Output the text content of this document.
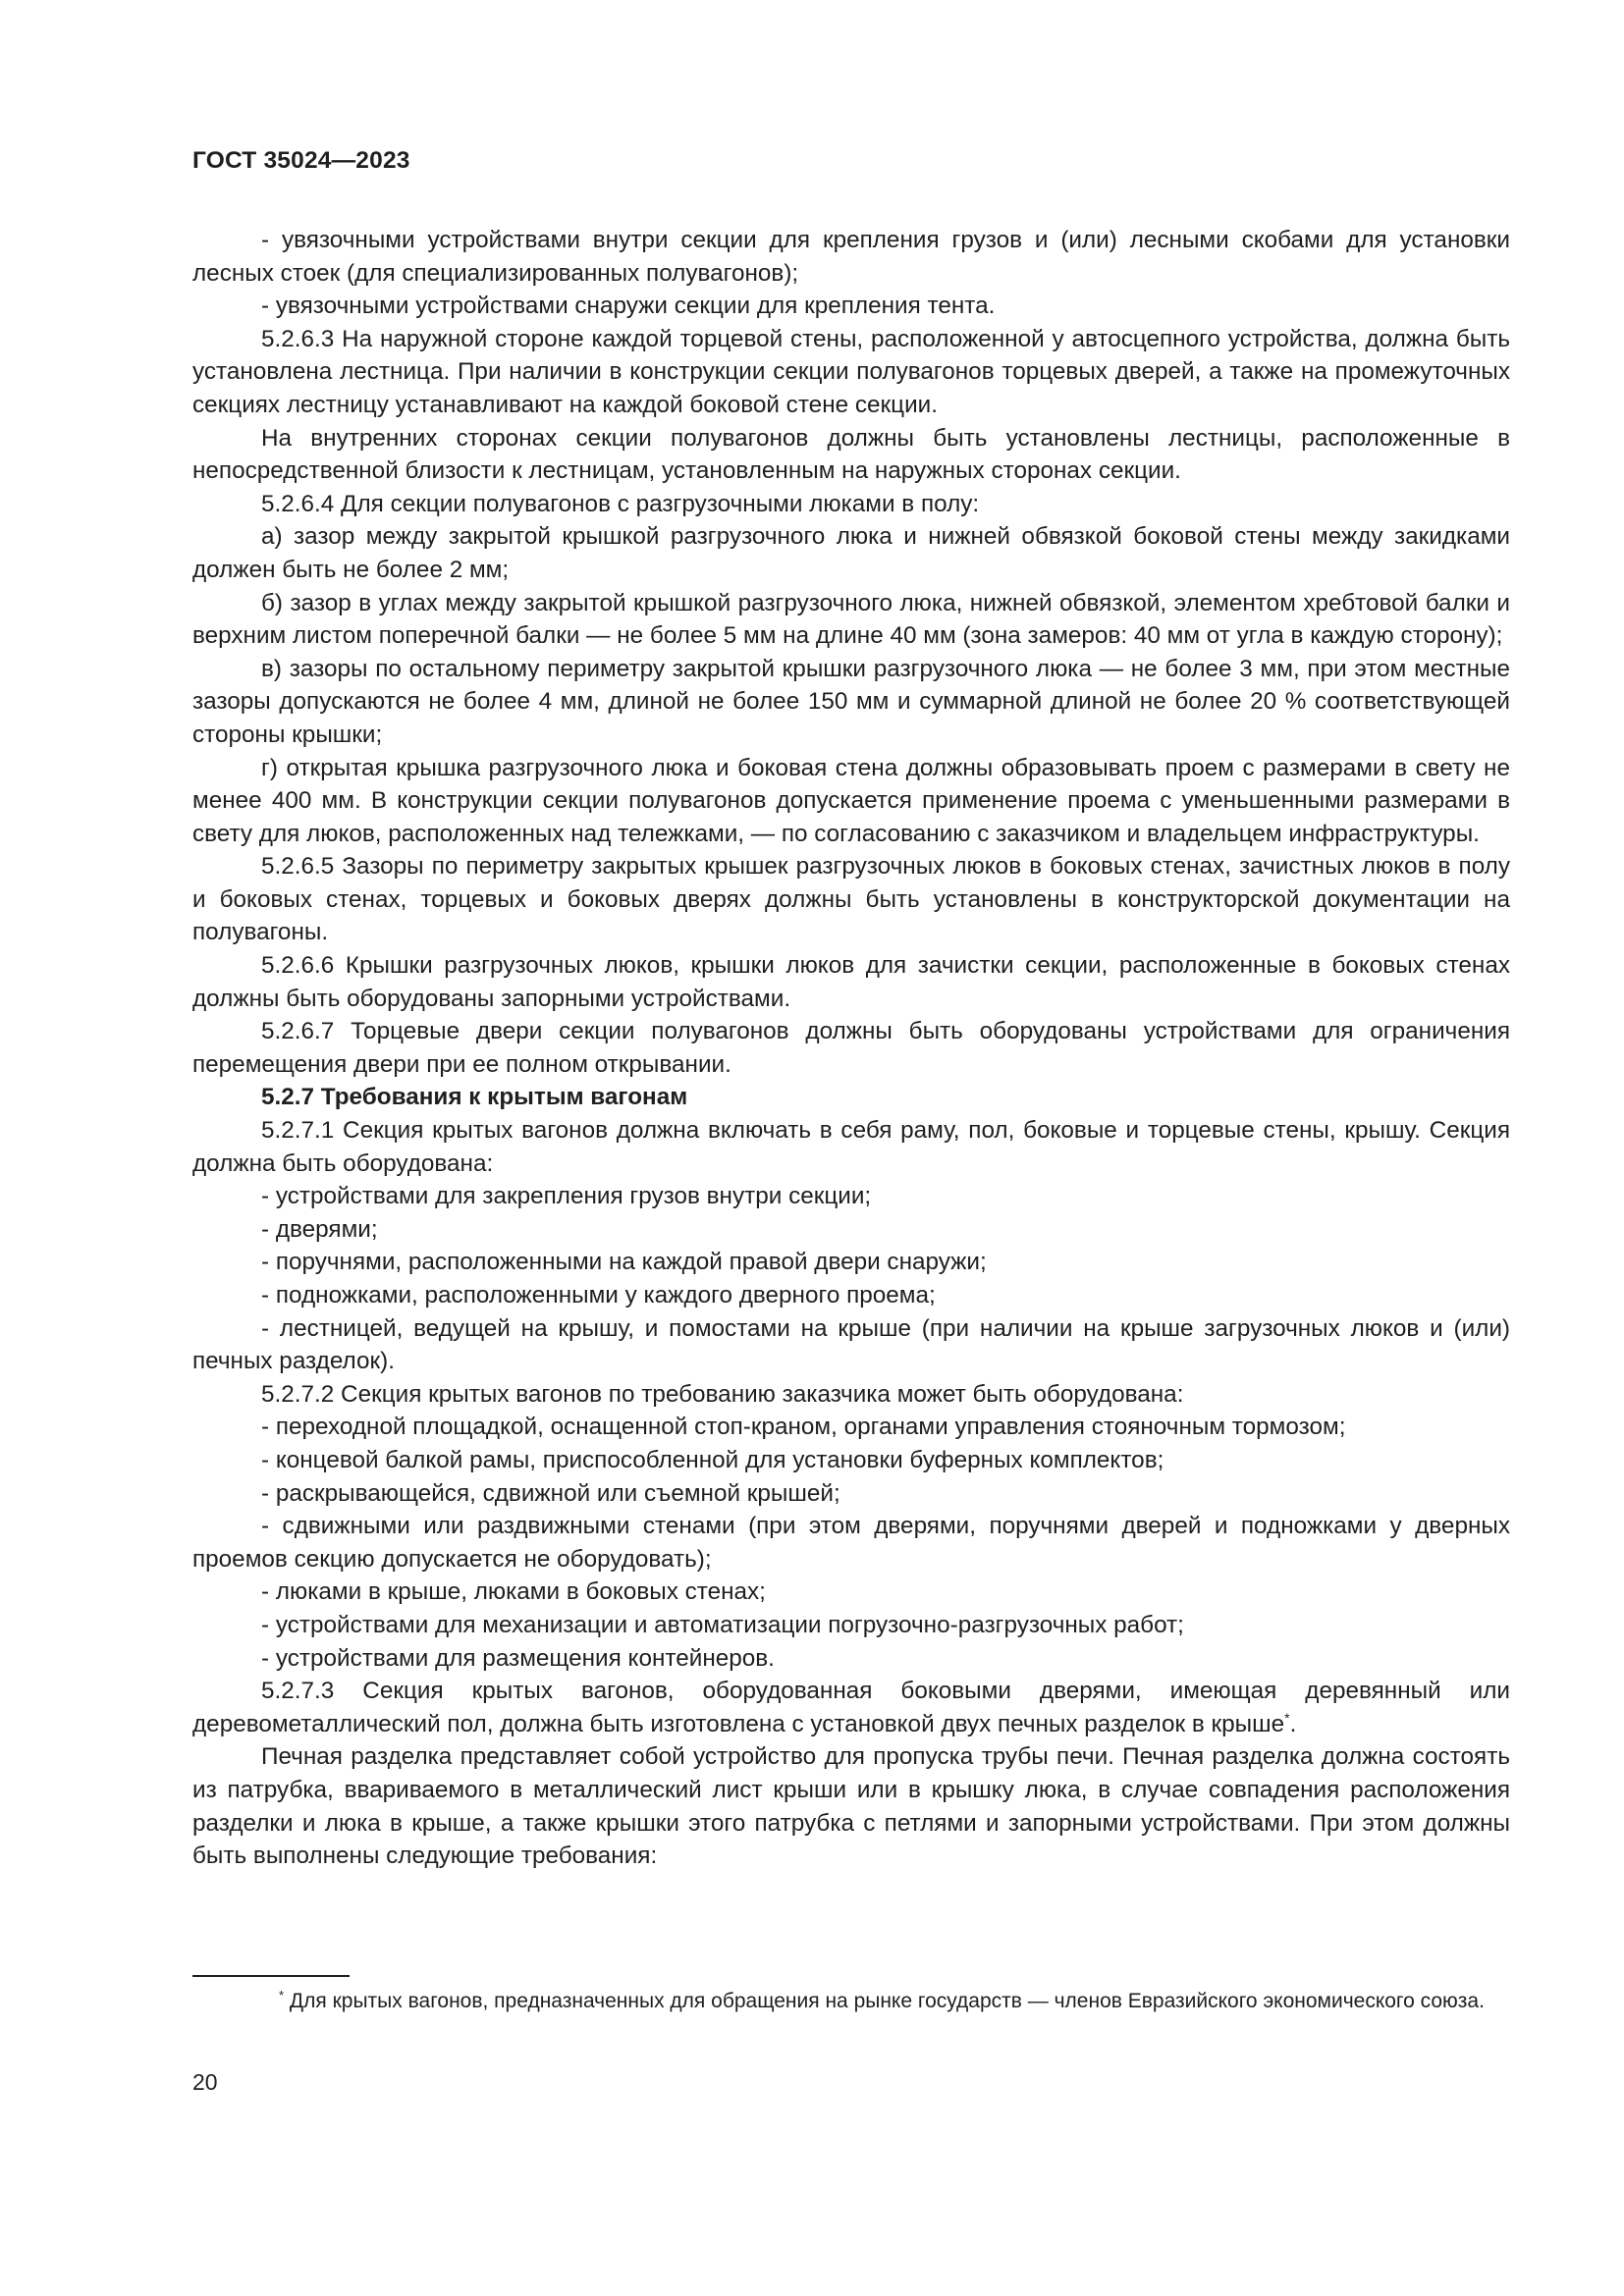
ГОСТ 35024—2023

- увязочными устройствами внутри секции для крепления грузов и (или) лесными скобами для установки лесных стоек (для специализированных полувагонов);

- увязочными устройствами снаружи секции для крепления тента.

5.2.6.3 На наружной стороне каждой торцевой стены, расположенной у автосцепного устройства, должна быть установлена лестница. При наличии в конструкции секции полувагонов торцевых дверей, а также на промежуточных секциях лестницу устанавливают на каждой боковой стене секции.

На внутренних сторонах секции полувагонов должны быть установлены лестницы, расположенные в непосредственной близости к лестницам, установленным на наружных сторонах секции.

5.2.6.4 Для секции полувагонов с разгрузочными люками в полу:

а) зазор между закрытой крышкой разгрузочного люка и нижней обвязкой боковой стены между закидками должен быть не более 2 мм;

б) зазор в углах между закрытой крышкой разгрузочного люка, нижней обвязкой, элементом хребтовой балки и верхним листом поперечной балки — не более 5 мм на длине 40 мм (зона замеров: 40 мм от угла в каждую сторону);

в) зазоры по остальному периметру закрытой крышки разгрузочного люка — не более 3 мм, при этом местные зазоры допускаются не более 4 мм, длиной не более 150 мм и суммарной длиной не более 20 % соответствующей стороны крышки;

г) открытая крышка разгрузочного люка и боковая стена должны образовывать проем с размерами в свету не менее 400 мм. В конструкции секции полувагонов допускается применение проема с уменьшенными размерами в свету для люков, расположенных над тележками, — по согласованию с заказчиком и владельцем инфраструктуры.

5.2.6.5 Зазоры по периметру закрытых крышек разгрузочных люков в боковых стенах, зачистных люков в полу и боковых стенах, торцевых и боковых дверях должны быть установлены в конструкторской документации на полувагоны.

5.2.6.6 Крышки разгрузочных люков, крышки люков для зачистки секции, расположенные в боковых стенах должны быть оборудованы запорными устройствами.

5.2.6.7 Торцевые двери секции полувагонов должны быть оборудованы устройствами для ограничения перемещения двери при ее полном открывании.

5.2.7 Требования к крытым вагонам

5.2.7.1 Секция крытых вагонов должна включать в себя раму, пол, боковые и торцевые стены, крышу. Секция должна быть оборудована:

- устройствами для закрепления грузов внутри секции;

- дверями;

- поручнями, расположенными на каждой правой двери снаружи;

- подножками, расположенными у каждого дверного проема;

- лестницей, ведущей на крышу, и помостами на крыше (при наличии на крыше загрузочных люков и (или) печных разделок).

5.2.7.2 Секция крытых вагонов по требованию заказчика может быть оборудована:

- переходной площадкой, оснащенной стоп-краном, органами управления стояночным тормозом;

- концевой балкой рамы, приспособленной для установки буферных комплектов;

- раскрывающейся, сдвижной или съемной крышей;

- сдвижными или раздвижными стенами (при этом дверями, поручнями дверей и подножками у дверных проемов секцию допускается не оборудовать);

- люками в крыше, люками в боковых стенах;

- устройствами для механизации и автоматизации погрузочно-разгрузочных работ;

- устройствами для размещения контейнеров.

5.2.7.3 Секция крытых вагонов, оборудованная боковыми дверями, имеющая деревянный или деревометаллический пол, должна быть изготовлена с установкой двух печных разделок в крыше*.

Печная разделка представляет собой устройство для пропуска трубы печи. Печная разделка должна состоять из патрубка, ввариваемого в металлический лист крыши или в крышку люка, в случае совпадения расположения разделки и люка в крыше, а также крышки этого патрубка с петлями и запорными устройствами. При этом должны быть выполнены следующие требования:

* Для крытых вагонов, предназначенных для обращения на рынке государств — членов Евразийского экономического союза.
20
